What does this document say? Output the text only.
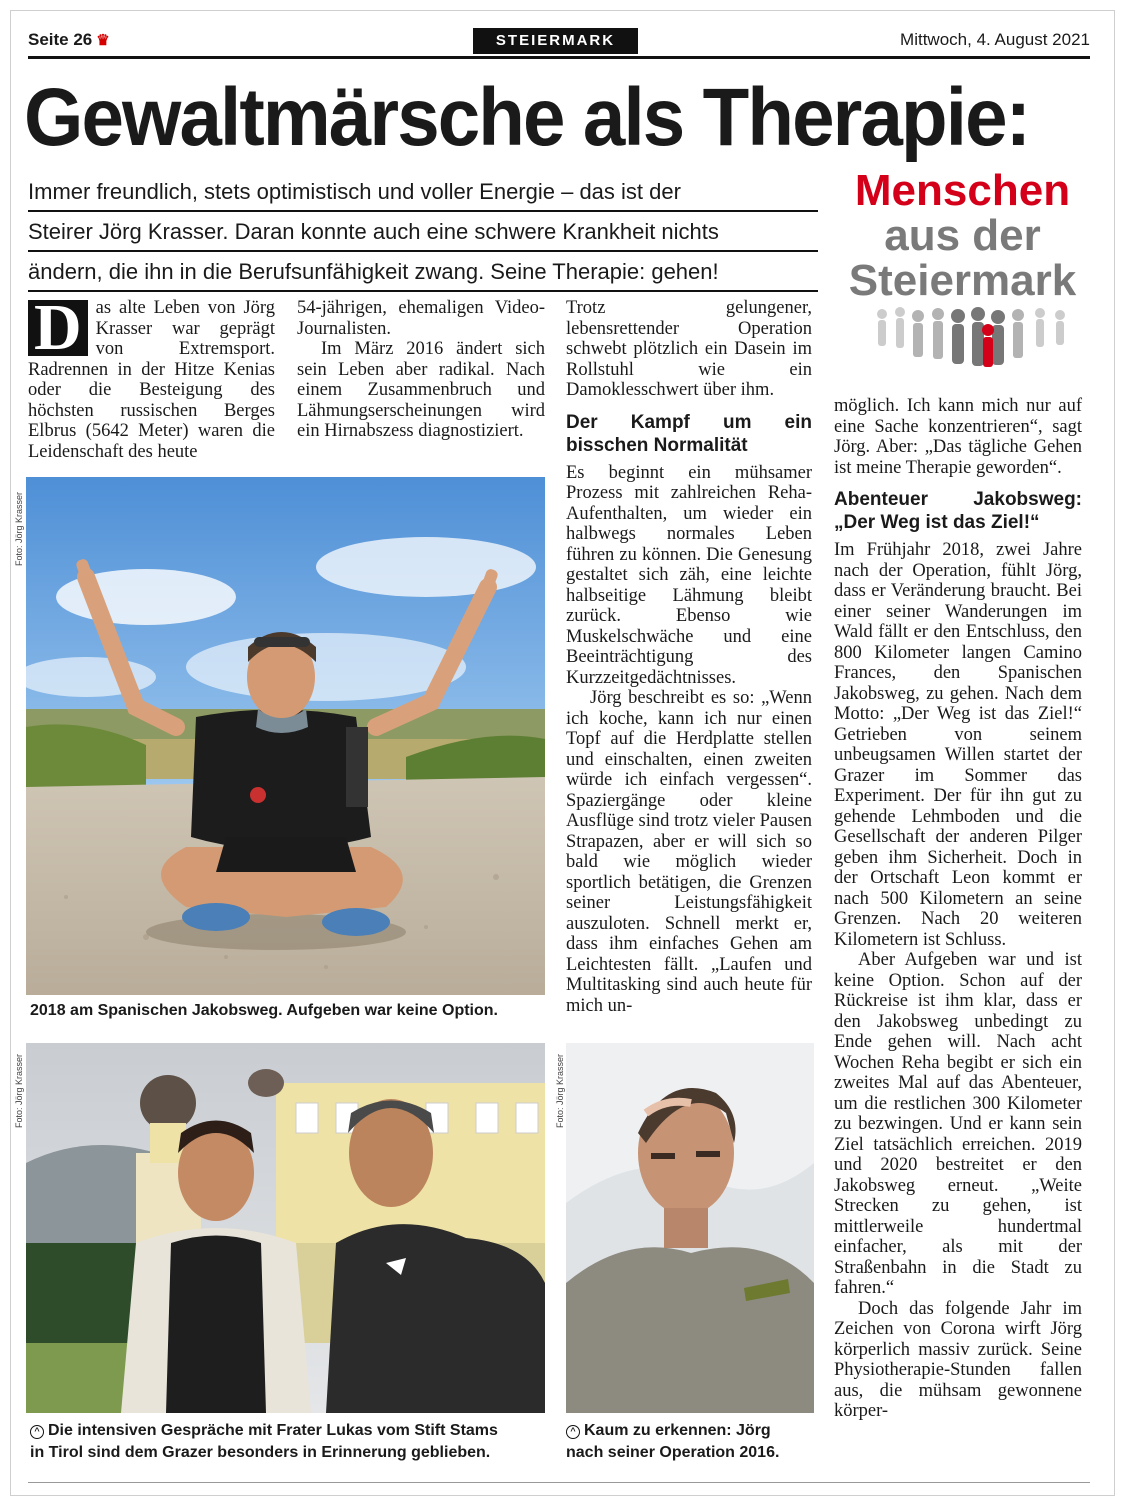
Seite 26 ♛	STEIERMARK	Mittwoch, 4. August 2021
Gewaltmärsche als Therapie:
Immer freundlich, stets optimistisch und voller Energie – das ist der
Steirer Jörg Krasser. Daran konnte auch eine schwere Krankheit nichts
ändern, die ihn in die Berufsunfähigkeit zwang. Seine Therapie: gehen!
Menschen
aus der
Steiermark

D as alte Leben von Jörg Krasser war geprägt von Extremsport. Radrennen in der Hitze Kenias oder die Besteigung des höchsten russischen Berges Elbrus (5642 Meter) waren die Leidenschaft des heute

54-jährigen, ehemaligen Video-Journalisten.

Im März 2016 ändert sich sein Leben aber radikal. Nach einem Zusammenbruch und Lähmungserscheinungen wird ein Hirnabszess diagnostiziert.

Trotz gelungener, lebensrettender Operation schwebt plötzlich ein Dasein im Rollstuhl wie ein Damoklesschwert über ihm.

Der Kampf um ein bisschen Normalität

Es beginnt ein mühsamer Prozess mit zahlreichen Reha-Aufenthalten, um wieder ein halbwegs normales Leben führen zu können. Die Genesung gestaltet sich zäh, eine leichte halbseitige Lähmung bleibt zurück. Ebenso wie Muskelschwäche und eine Beeinträchtigung des Kurzzeitgedächtnisses.

Jörg beschreibt es so: „Wenn ich koche, kann ich nur einen Topf auf die Herdplatte stellen und einschalten, einen zweiten würde ich einfach vergessen“. Spaziergänge oder kleine Ausflüge sind trotz vieler Pausen Strapazen, aber er will sich so bald wie möglich wieder sportlich betätigen, die Grenzen seiner Leistungsfähigkeit auszuloten. Schnell merkt er, dass ihm einfaches Gehen am Leichtesten fällt. „Laufen und Multitasking sind auch heute für mich un-

möglich. Ich kann mich nur auf eine Sache konzentrieren“, sagt Jörg. Aber: „Das tägliche Gehen ist meine Therapie geworden“.

Abenteuer Jakobsweg: „Der Weg ist das Ziel!“

Im Frühjahr 2018, zwei Jahre nach der Operation, fühlt Jörg, dass er Veränderung braucht. Bei einer seiner Wanderungen im Wald fällt er den Entschluss, den 800 Kilometer langen Camino Frances, den Spanischen Jakobsweg, zu gehen. Nach dem Motto: „Der Weg ist das Ziel!“ Getrieben von seinem unbeugsamen Willen startet der Grazer im Sommer das Experiment. Der für ihn gut zu gehende Lehmboden und die Gesellschaft der anderen Pilger geben ihm Sicherheit. Doch in der Ortschaft Leon kommt er nach 500 Kilometern an seine Grenzen. Nach 20 weiteren Kilometern ist Schluss.

Aber Aufgeben war und ist keine Option. Schon auf der Rückreise ist ihm klar, dass er den Jakobsweg unbedingt zu Ende gehen will. Nach acht Wochen Reha begibt er sich ein zweites Mal auf das Abenteuer, um die restlichen 300 Kilometer zu bezwingen. Und er kann sein Ziel tatsächlich erreichen. 2019 und 2020 bestreitet er den Jakobsweg erneut. „Weite Strecken zu gehen, ist mittlerweile hundertmal einfacher, als mit der Straßenbahn in die Stadt zu fahren.“

Doch das folgende Jahr im Zeichen von Corona wirft Jörg körperlich massiv zurück. Seine Physiotherapie-Stunden fallen aus, die mühsam gewonnene körper-

Foto: Jörg Krasser
2018 am Spanischen Jakobsweg. Aufgeben war keine Option.
Foto: Jörg Krasser
^ Die intensiven Gespräche mit Frater Lukas vom Stift Stams
in Tirol sind dem Grazer besonders in Erinnerung geblieben.
Foto: Jörg Krasser
^ Kaum zu erkennen: Jörg
nach seiner Operation 2016.
